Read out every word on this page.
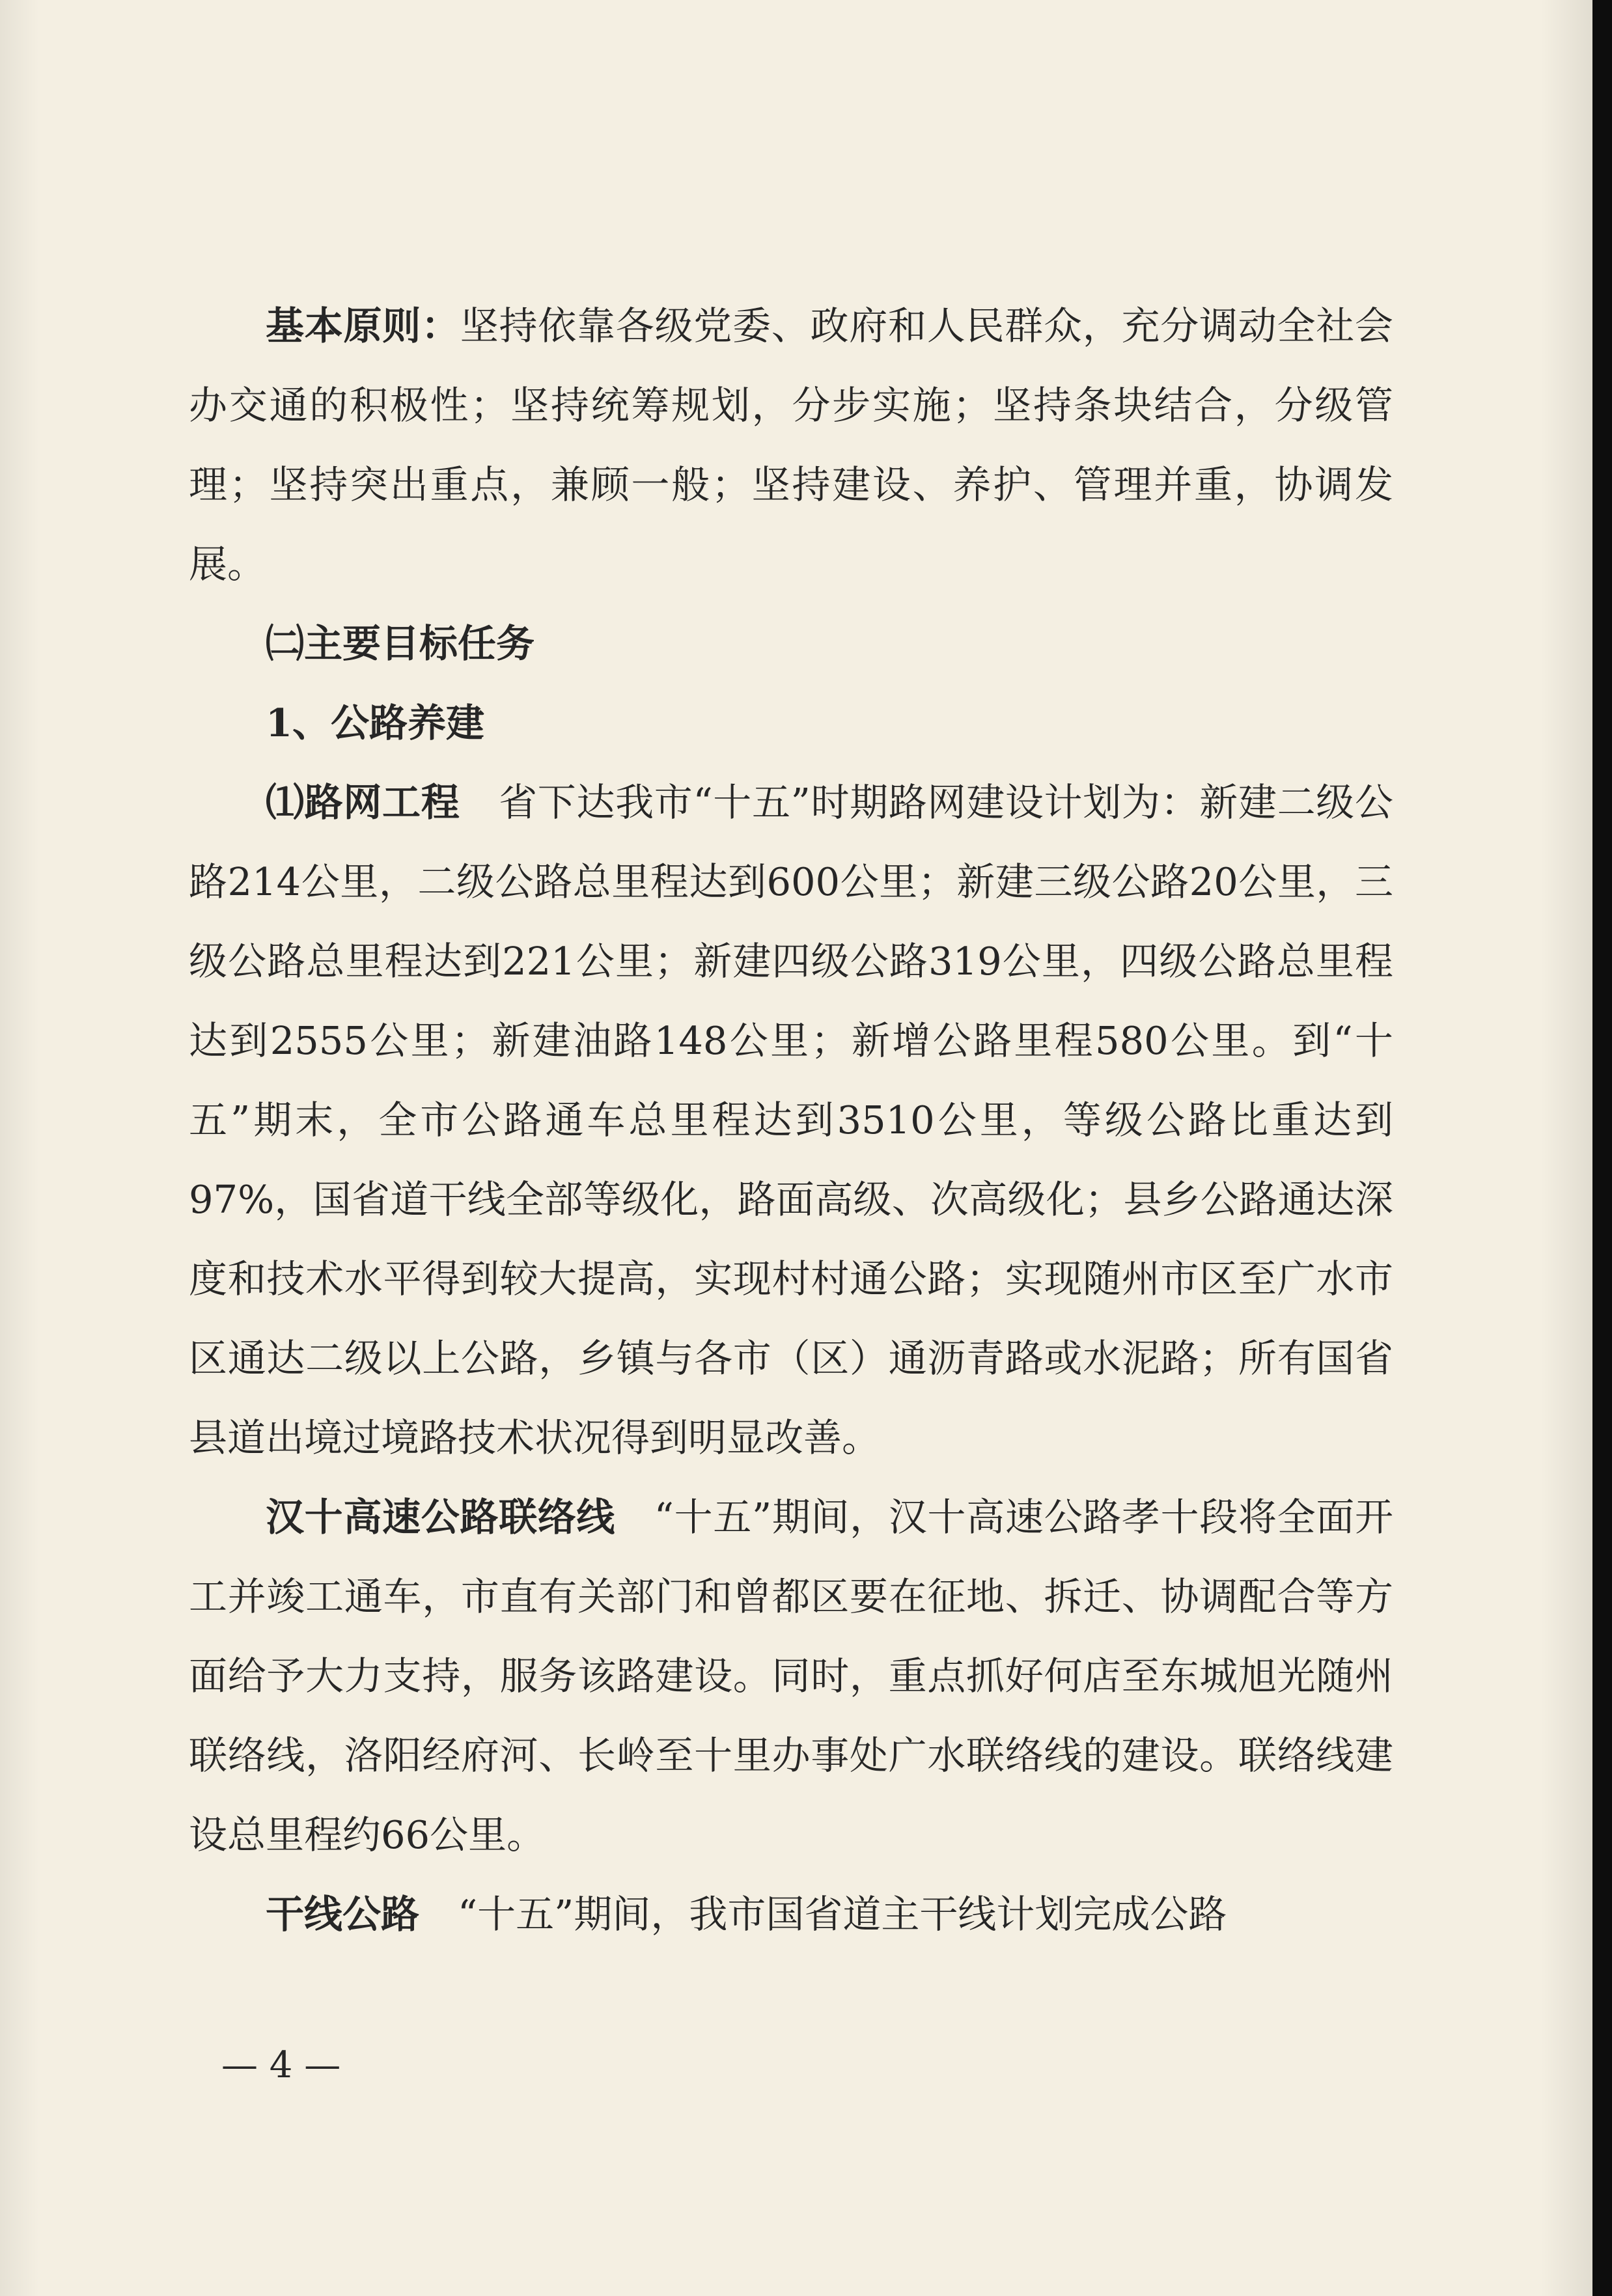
基本原则：坚持依靠各级党委、政府和人民群众，充分调动全社会办交通的积极性；坚持统筹规划，分步实施；坚持条块结合，分级管理；坚持突出重点，兼顾一般；坚持建设、养护、管理并重，协调发展。

㈡主要目标任务

1、公路养建

⑴路网工程　省下达我市“十五”时期路网建设计划为：新建二级公路214公里，二级公路总里程达到600公里；新建三级公路20公里，三级公路总里程达到221公里；新建四级公路319公里，四级公路总里程达到2555公里；新建油路148公里；新增公路里程580公里。到“十五”期末，全市公路通车总里程达到3510公里，等级公路比重达到97%，国省道干线全部等级化，路面高级、次高级化；县乡公路通达深度和技术水平得到较大提高，实现村村通公路；实现随州市区至广水市区通达二级以上公路，乡镇与各市（区）通沥青路或水泥路；所有国省县道出境过境路技术状况得到明显改善。

汉十高速公路联络线　“十五”期间，汉十高速公路孝十段将全面开工并竣工通车，市直有关部门和曾都区要在征地、拆迁、协调配合等方面给予大力支持，服务该路建设。同时，重点抓好何店至东城旭光随州联络线，洛阳经府河、长岭至十里办事处广水联络线的建设。联络线建设总里程约66公里。

干线公路　“十五”期间，我市国省道主干线计划完成公路

— 4 —
